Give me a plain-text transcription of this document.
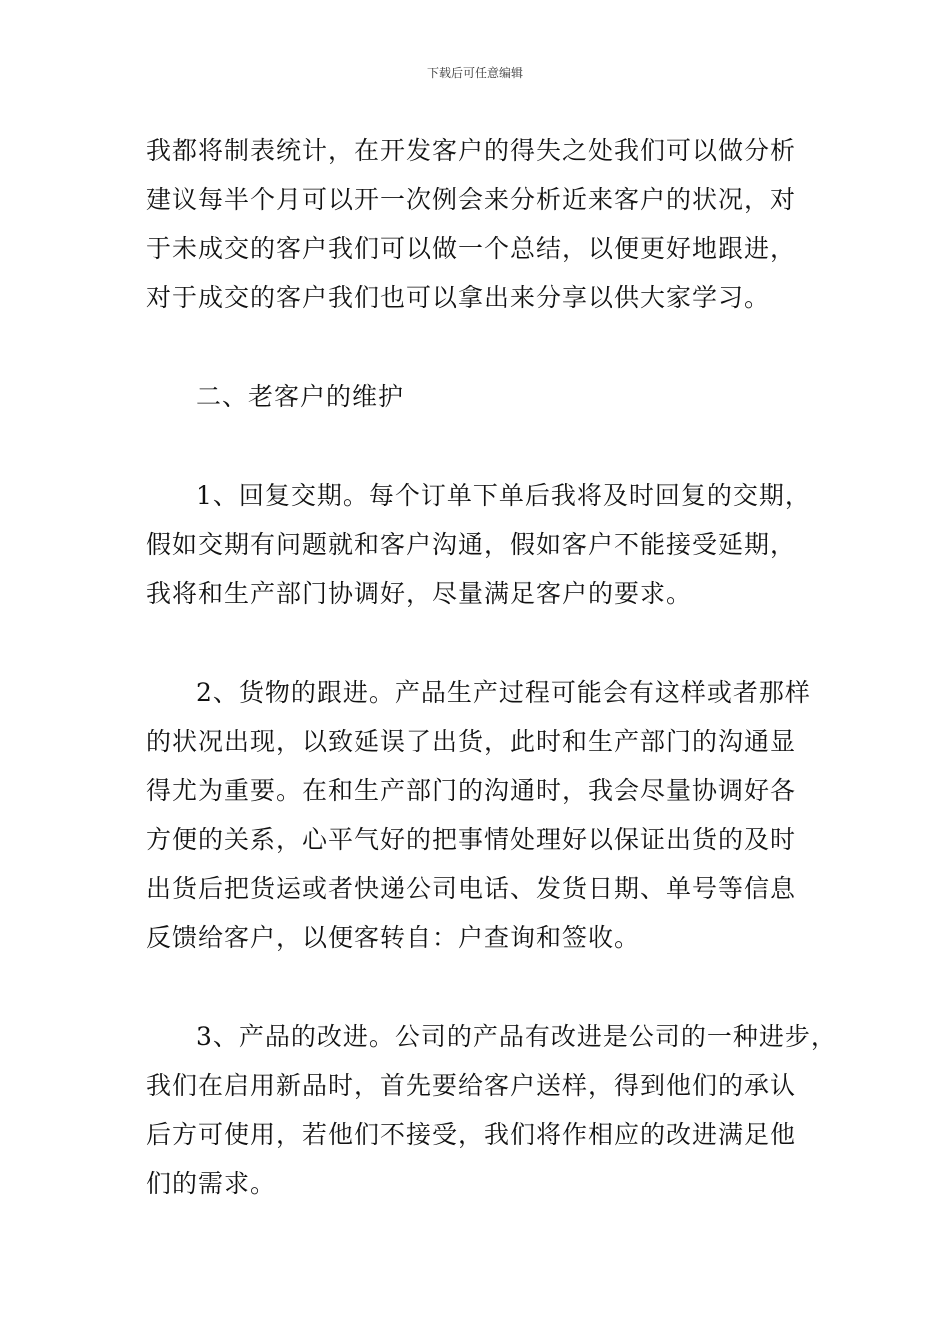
下载后可任意编辑

我都将制表统计，在开发客户的得失之处我们可以做分析

建议每半个月可以开一次例会来分析近来客户的状况，对

于未成交的客户我们可以做一个总结，以便更好地跟进，

对于成交的客户我们也可以拿出来分享以供大家学习。

二、老客户的维护

1、回复交期。每个订单下单后我将及时回复的交期，

假如交期有问题就和客户沟通，假如客户不能接受延期，

我将和生产部门协调好，尽量满足客户的要求。

2、货物的跟进。产品生产过程可能会有这样或者那样

的状况出现，以致延误了出货，此时和生产部门的沟通显

得尤为重要。在和生产部门的沟通时，我会尽量协调好各

方便的关系，心平气好的把事情处理好以保证出货的及时

出货后把货运或者快递公司电话、发货日期、单号等信息

反馈给客户，以便客转自：户查询和签收。

3、产品的改进。公司的产品有改进是公司的一种进步，

我们在启用新品时，首先要给客户送样，得到他们的承认

后方可使用，若他们不接受，我们将作相应的改进满足他

们的需求。
